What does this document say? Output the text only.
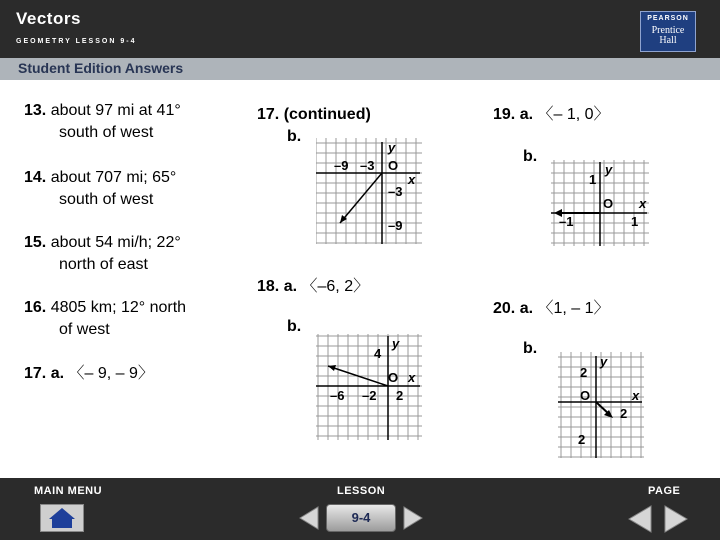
Vectors
GEOMETRY LESSON 9-4
PEARSON
Prentice
Hall
Student Edition Answers
13. about 97 mi at 41°
south of west
14. about 707 mi; 65°
south of west
15. about 54 mi/h; 22°
north of east
16. 4805 km; 12° north
of west
17. a. 〈– 9, – 9〉
17. (continued)
b.
–9 –3 O
y
x
–3
–9
18. a. 〈–6, 2〉
b.
4
y
O x
–6 –2 2
19. a. 〈– 1, 0〉
b.
1
y
O x
–1	1
20. a. 〈1, – 1〉
b.
2
y
O	x
2
2
MAIN MENU	LESSON	PAGE
9-4
